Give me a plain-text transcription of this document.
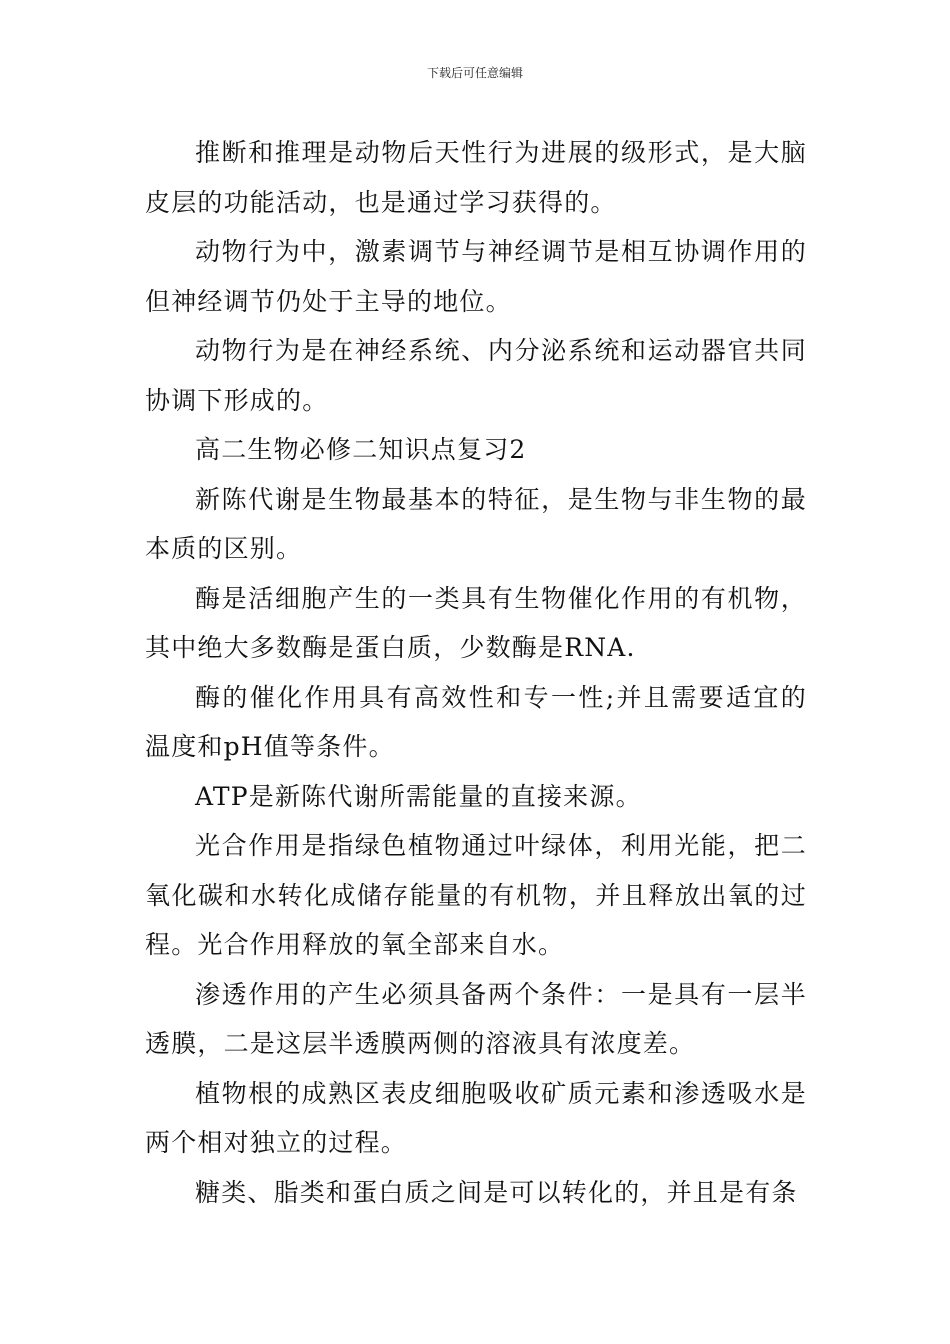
下载后可任意编辑

推断和推理是动物后天性行为进展的级形式，是大脑皮层的功能活动，也是通过学习获得的。

动物行为中，激素调节与神经调节是相互协调作用的但神经调节仍处于主导的地位。

动物行为是在神经系统、内分泌系统和运动器官共同协调下形成的。

高二生物必修二知识点复习2

新陈代谢是生物最基本的特征，是生物与非生物的最本质的区别。

酶是活细胞产生的一类具有生物催化作用的有机物，其中绝大多数酶是蛋白质，少数酶是RNA.

酶的催化作用具有高效性和专一性;并且需要适宜的温度和pH值等条件。

ATP是新陈代谢所需能量的直接来源。

光合作用是指绿色植物通过叶绿体，利用光能，把二氧化碳和水转化成储存能量的有机物，并且释放出氧的过程。光合作用释放的氧全部来自水。

渗透作用的产生必须具备两个条件：一是具有一层半透膜，二是这层半透膜两侧的溶液具有浓度差。

植物根的成熟区表皮细胞吸收矿质元素和渗透吸水是两个相对独立的过程。

糖类、脂类和蛋白质之间是可以转化的，并且是有条
